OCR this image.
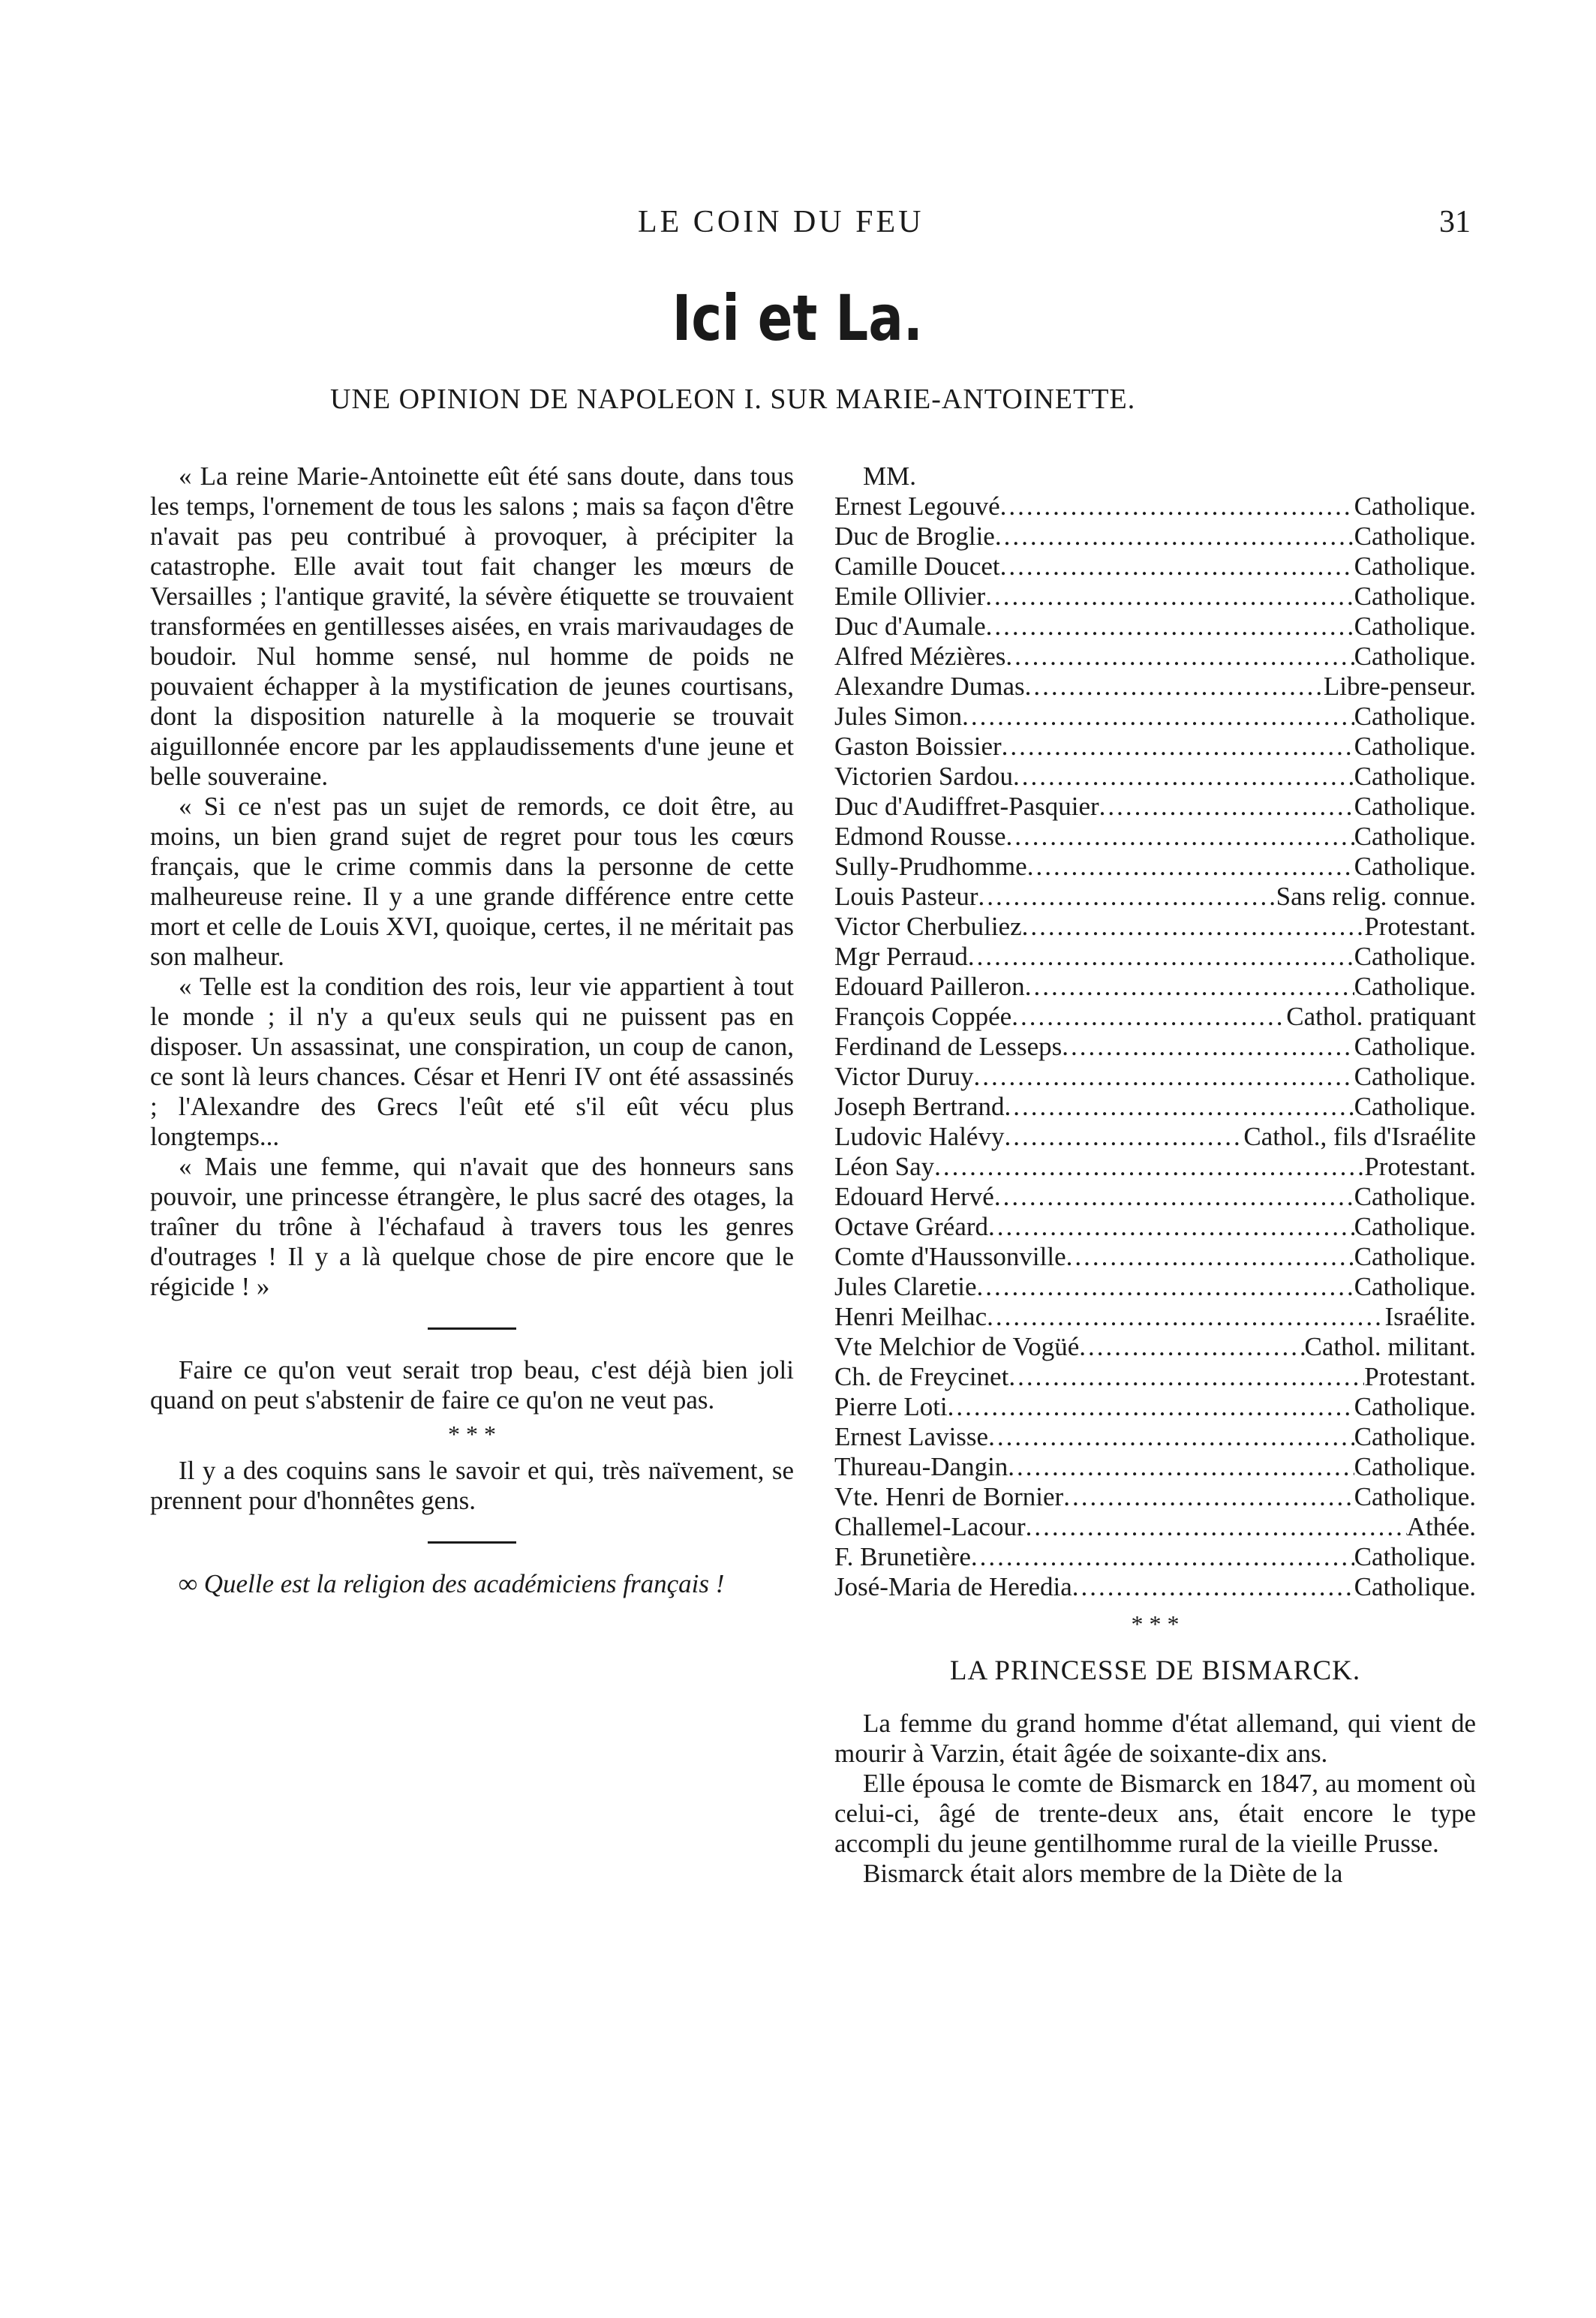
LE COIN DU FEU	31
Ici et La.
UNE OPINION DE NAPOLEON I. SUR MARIE-ANTOINETTE.

« La reine Marie-Antoinette eût été sans doute, dans tous les temps, l'ornement de tous les salons ; mais sa façon d'être n'avait pas peu contribué à provoquer, à précipiter la catastrophe. Elle avait tout fait changer les mœurs de Versailles ; l'antique gravité, la sévère étiquette se trouvaient transformées en gentillesses aisées, en vrais marivaudages de boudoir. Nul homme sensé, nul homme de poids ne pouvaient échapper à la mystification de jeunes courtisans, dont la disposition naturelle à la moquerie se trouvait aiguillonnée encore par les applaudissements d'une jeune et belle souveraine.

« Si ce n'est pas un sujet de remords, ce doit être, au moins, un bien grand sujet de regret pour tous les cœurs français, que le crime commis dans la personne de cette malheureuse reine. Il y a une grande différence entre cette mort et celle de Louis XVI, quoique, certes, il ne méritait pas son malheur.

« Telle est la condition des rois, leur vie appartient à tout le monde ; il n'y a qu'eux seuls qui ne puissent pas en disposer. Un assassinat, une conspiration, un coup de canon, ce sont là leurs chances. César et Henri IV ont été assassinés ; l'Alexandre des Grecs l'eût eté s'il eût vécu plus longtemps...

« Mais une femme, qui n'avait que des honneurs sans pouvoir, une princesse étrangère, le plus sacré des otages, la traîner du trône à l'échafaud à travers tous les genres d'outrages ! Il y a là quelque chose de pire encore que le régicide ! »

Faire ce qu'on veut serait trop beau, c'est déjà bien joli quand on peut s'abstenir de faire ce qu'on ne veut pas.

* * *

Il y a des coquins sans le savoir et qui, très naïvement, se prennent pour d'honnêtes gens.

∞ Quelle est la religion des académiciens français !

MM.
Ernest Legouvé .....	Catholique.
Duc de Broglie .....	Catholique.
Camille Doucet .....	Catholique.
Emile Ollivier .....	Catholique.
Duc d'Aumale .....	Catholique.
Alfred Mézières .....	Catholique.
Alexandre Dumas .....	Libre-penseur.
Jules Simon .....	Catholique.
Gaston Boissier .....	Catholique.
Victorien Sardou .....	Catholique.
Duc d'Audiffret-Pasquier .....	Catholique.
Edmond Rousse .....	Catholique.
Sully-Prudhomme .....	Catholique.
Louis Pasteur .....	Sans relig. connue.
Victor Cherbuliez .....	Protestant.
Mgr Perraud .....	Catholique.
Edouard Pailleron .....	Catholique.
François Coppée .....	Cathol. pratiquant
Ferdinand de Lesseps .....	Catholique.
Victor Duruy .....	Catholique.
Joseph Bertrand .....	Catholique.
Ludovic Halévy .....	Cathol., fils d'Israélite
Léon Say .....	Protestant.
Edouard Hervé .....	Catholique.
Octave Gréard .....	Catholique.
Comte d'Haussonville .....	Catholique.
Jules Claretie .....	Catholique.
Henri Meilhac .....	Israélite.
Vte Melchior de Vogüé .....	Cathol. militant.
Ch. de Freycinet .....	Protestant.
Pierre Loti .....	Catholique.
Ernest Lavisse .....	Catholique.
Thureau-Dangin .....	Catholique.
Vte. Henri de Bornier .....	Catholique.
Challemel-Lacour .....	Athée.
F. Brunetière .....	Catholique.
José-Maria de Heredia .....	Catholique.
* * *
LA PRINCESSE DE BISMARCK.

La femme du grand homme d'état allemand, qui vient de mourir à Varzin, était âgée de soixante-dix ans.

Elle épousa le comte de Bismarck en 1847, au moment où celui-ci, âgé de trente-deux ans, était encore le type accompli du jeune gentilhomme rural de la vieille Prusse.

Bismarck était alors membre de la Diète de la
